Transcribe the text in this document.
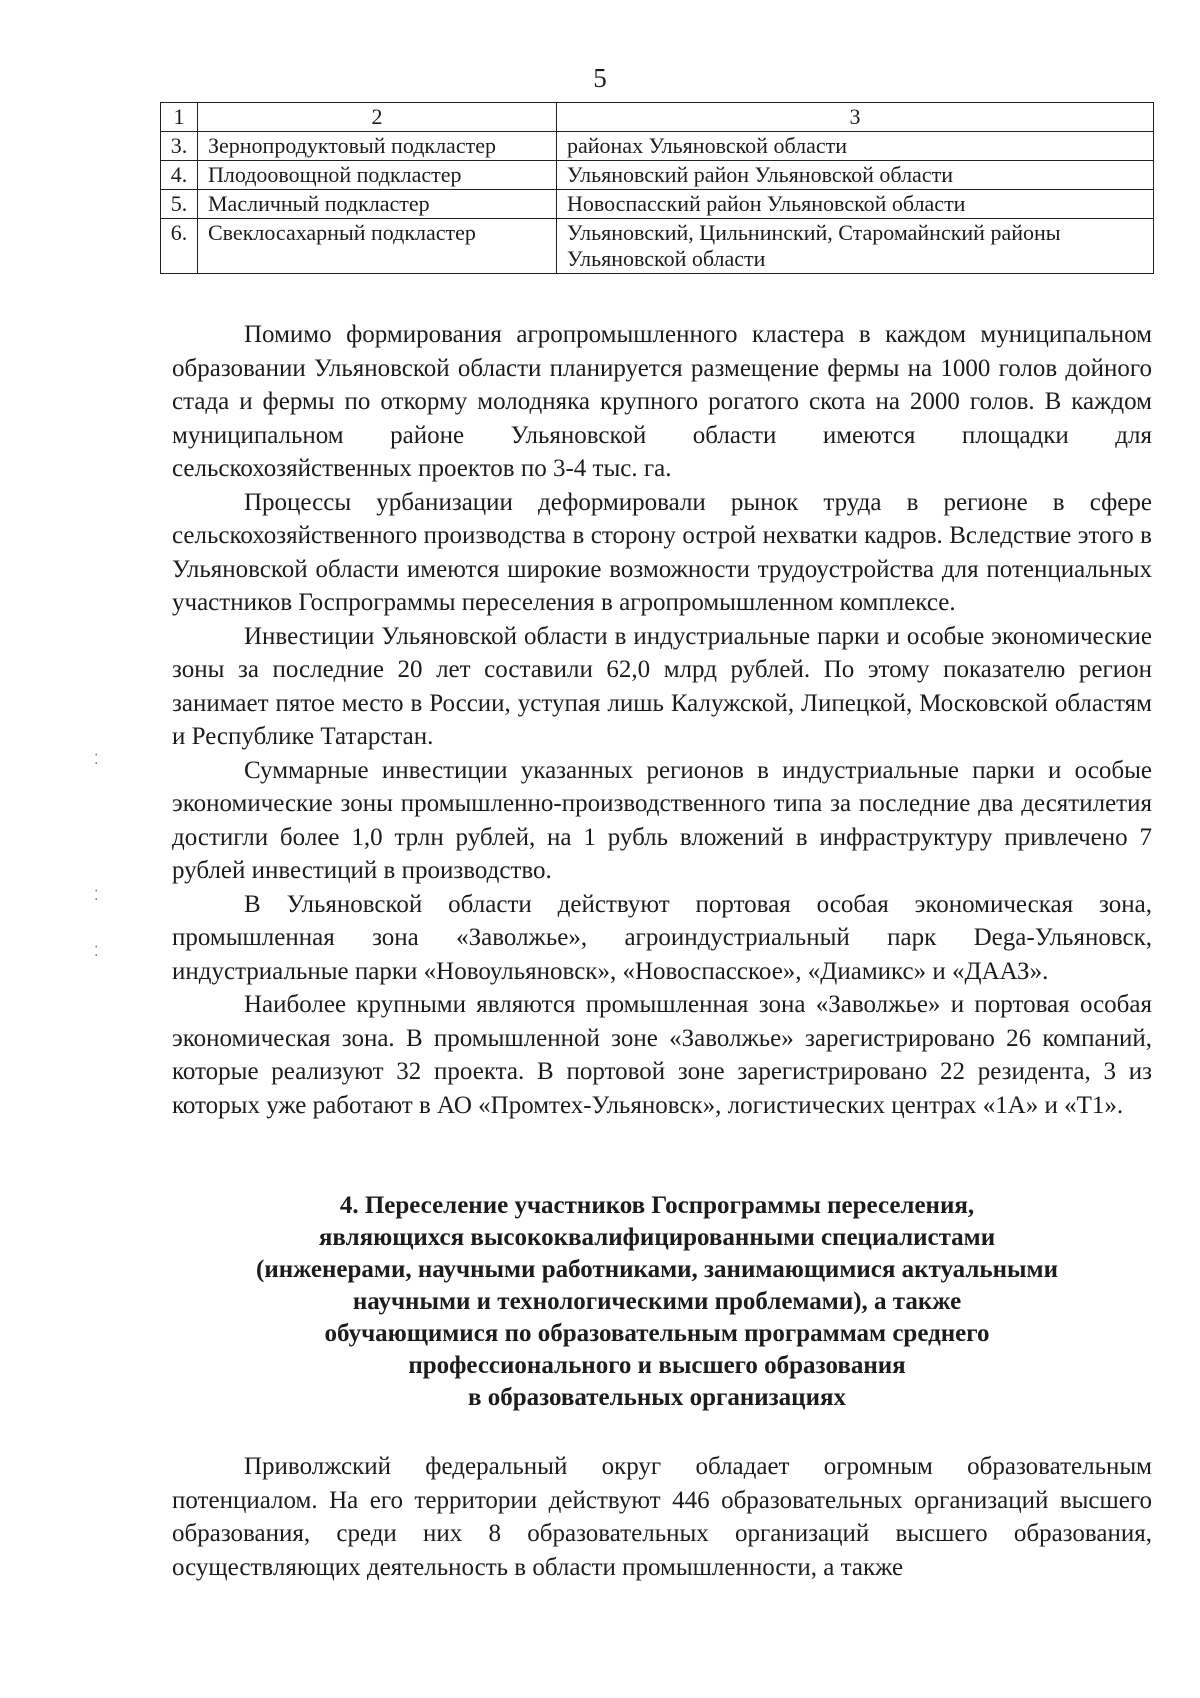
5
1	2	3
3.	Зернопродуктовый подкластер	районах Ульяновской области
4.	Плодоовощной подкластер	Ульяновский район Ульяновской области
5.	Масличный подкластер	Новоспасский район Ульяновской области
6.	Свеклосахарный подкластер	Ульяновский, Цильнинский, Старомайнский районы Ульяновской области

Помимо формирования агропромышленного кластера в каждом муниципальном образовании Ульяновской области планируется размещение фермы на 1000 голов дойного стада и фермы по откорму молодняка крупного рогатого скота на 2000 голов. В каждом муниципальном районе Ульяновской области имеются площадки для сельскохозяйственных проектов по 3-4 тыс. га.

Процессы урбанизации деформировали рынок труда в регионе в сфере сельскохозяйственного производства в сторону острой нехватки кадров. Вследствие этого в Ульяновской области имеются широкие возможности трудоустройства для потенциальных участников Госпрограммы переселения в агропромышленном комплексе.

Инвестиции Ульяновской области в индустриальные парки и особые экономические зоны за последние 20 лет составили 62,0 млрд рублей. По этому показателю регион занимает пятое место в России, уступая лишь Калужской, Липецкой, Московской областям и Республике Татарстан.

Суммарные инвестиции указанных регионов в индустриальные парки и особые экономические зоны промышленно-производственного типа за последние два десятилетия достигли более 1,0 трлн рублей, на 1 рубль вложений в инфраструктуру привлечено 7 рублей инвестиций в производство.

В Ульяновской области действуют портовая особая экономическая зона, промышленная зона «Заволжье», агроиндустриальный парк Dega-Ульяновск, индустриальные парки «Новоульяновск», «Новоспасское», «Диамикс» и «ДААЗ».

Наиболее крупными являются промышленная зона «Заволжье» и портовая особая экономическая зона. В промышленной зоне «Заволжье» зарегистрировано 26 компаний, которые реализуют 32 проекта. В портовой зоне зарегистрировано 22 резидента, 3 из которых уже работают в АО «Промтех-Ульяновск», логистических центрах «1А» и «Т1».

4. Переселение участников Госпрограммы переселения,
являющихся высококвалифицированными специалистами
(инженерами, научными работниками, занимающимися актуальными
научными и технологическими проблемами), а также
обучающимися по образовательным программам среднего
профессионального и высшего образования
в образовательных организациях

Приволжский федеральный округ обладает огромным образовательным потенциалом. На его территории действуют 446 образовательных организаций высшего образования, среди них 8 образовательных организаций высшего образования, осуществляющих деятельность в области промышленности, а также

⁚
⁚
⁚
